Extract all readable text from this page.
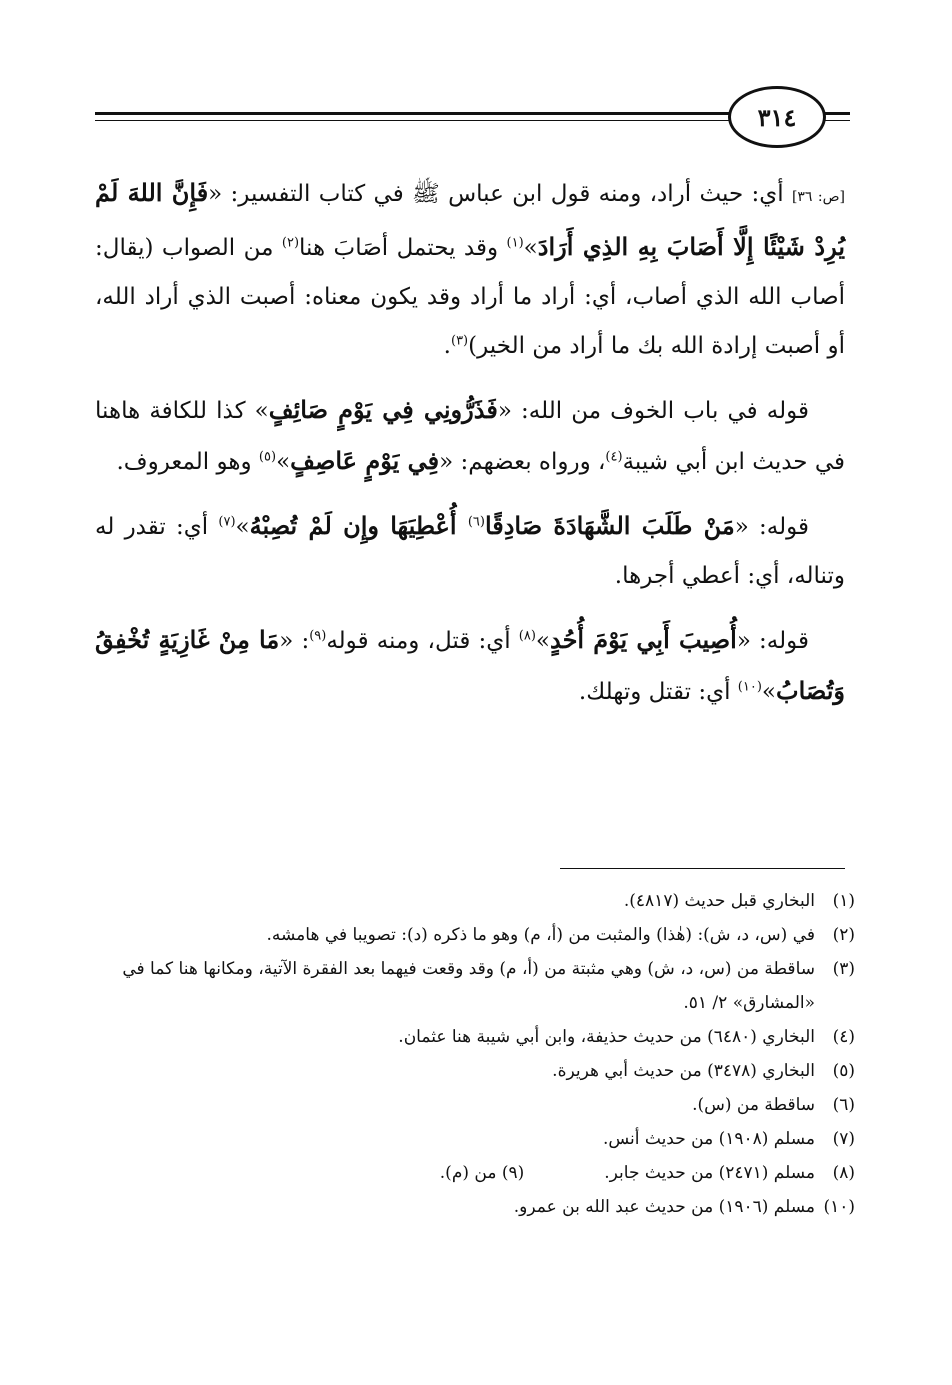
٣١٤

[ص: ٣٦] أي: حيث أراد، ومنه قول ابن عباس ﷺ في كتاب التفسير: «فَإِنَّ اللهَ لَمْ يُرِدْ شَيْئًا إِلَّا أَصَابَ بِهِ الذِي أَرَادَ»$^{(١)}$ وقد يحتمل أصَابَ هنا$^{(٢)}$ من الصواب (يقال: أصاب الله الذي أصاب، أي: أراد ما أراد وقد يكون معناه: أصبت الذي أراد الله، أو أصبت إرادة الله بك ما أراد من الخير)$^{(٣)}$.

قوله في باب الخوف من الله: «فَذَرُّونِي فِي يَوْمٍ صَائِفٍ» كذا للكافة هاهنا في حديث ابن أبي شيبة$^{(٤)}$، ورواه بعضهم: «فِي يَوْمٍ عَاصِفٍ»$^{(٥)}$ وهو المعروف.

قوله: «مَنْ طَلَبَ الشَّهَادَةَ صَادِقًا$^{(٦)}$ أُعْطِيَهَا وإِن لَمْ تُصِبْهُ»$^{(٧)}$ أي: تقدر له وتناله، أي: أعطي أجرها.

قوله: «أُصِيبَ أَبِي يَوْمَ أُحُدٍ»$^{(٨)}$ أي: قتل، ومنه قوله$^{(٩)}$: «مَا مِنْ غَازِيَةٍ تُخْفِقُ وَتُصَابُ»$^{(١٠)}$ أي: تقتل وتهلك.

(١)
البخاري قبل حديث (٤٨١٧).
(٢)
في (س، د، ش): (هٰذا) والمثبت من (أ، م) وهو ما ذكره (د): تصويبا في هامشه.
(٣)
ساقطة من (س، د، ش) وهي مثبتة من (أ، م) وقد وقعت فيهما بعد الفقرة الآتية، ومكانها هنا كما في «المشارق» ٢/ ٥١.
(٤)
البخاري (٦٤٨٠) من حديث حذيفة، وابن أبي شيبة هنا عثمان.
(٥)
البخاري (٣٤٧٨) من حديث أبي هريرة.
(٦)
ساقطة من (س).
(٧)
مسلم (١٩٠٨) من حديث أنس.
(٨)
مسلم (٢٤٧١) من حديث جابر.(٩) من (م).
(١٠)
مسلم (١٩٠٦) من حديث عبد الله بن عمرو.
